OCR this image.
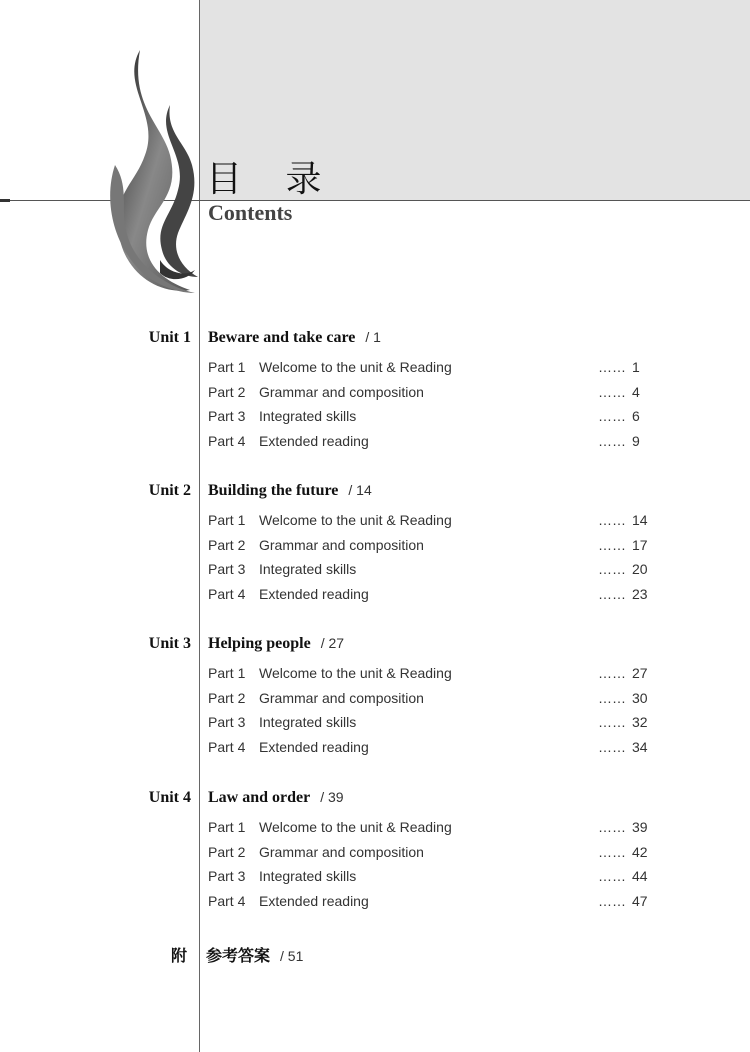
目 录
Contents
Unit 1 Beware and take care / 1
Part 1 Welcome to the unit & Reading	…… 1
Part 2 Grammar and composition	…… 4
Part 3 Integrated skills	…… 6
Part 4 Extended reading	…… 9
Unit 2 Building the future / 14
Part 1 Welcome to the unit & Reading	…… 14
Part 2 Grammar and composition	…… 17
Part 3 Integrated skills	…… 20
Part 4 Extended reading	…… 23
Unit 3 Helping people / 27
Part 1 Welcome to the unit & Reading	…… 27
Part 2 Grammar and composition	…… 30
Part 3 Integrated skills	…… 32
Part 4 Extended reading	…… 34
Unit 4 Law and order / 39
Part 1 Welcome to the unit & Reading	…… 39
Part 2 Grammar and composition	…… 42
Part 3 Integrated skills	…… 44
Part 4 Extended reading	…… 47
附 参考答案 / 51
